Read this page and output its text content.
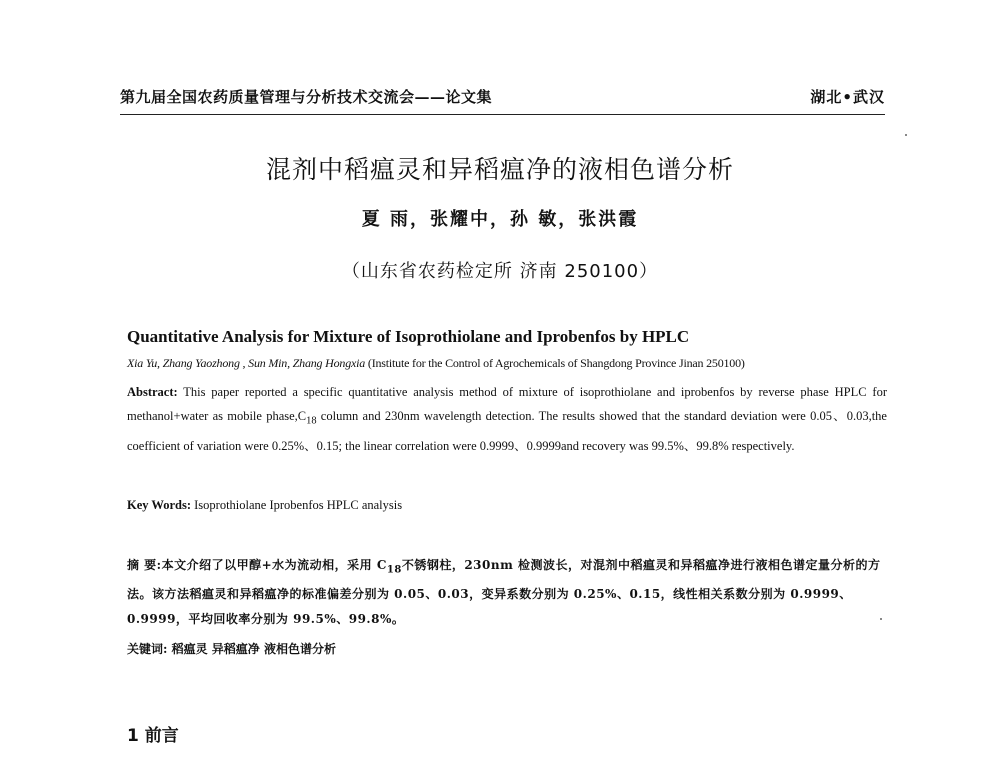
第九届全国农药质量管理与分析技术交流会——论文集	湖北•武汉
混剂中稻瘟灵和异稻瘟净的液相色谱分析
夏 雨，张耀中，孙 敏，张洪霞
（山东省农药检定所 济南 250100）
Quantitative Analysis for Mixture of Isoprothiolane and Iprobenfos by HPLC
Xia Yu, Zhang Yaozhong , Sun Min, Zhang Hongxia (Institute for the Control of Agrochemicals of Shangdong Province Jinan 250100)
Abstract: This paper reported a specific quantitative analysis method of mixture of isoprothiolane and iprobenfos by reverse phase HPLC for methanol+water as mobile $phase,C_{18}$ column and 230nm wavelength detection. The results showed that the standard deviation were 0.05、0.03,the coefficient of variation were 0.25%、0.15; the linear correlation were 0.9999、0.9999and recovery was 99.5%、99.8% respectively.
Key Words: Isoprothiolane Iprobenfos HPLC analysis
摘 要:本文介绍了以甲醇+水为流动相，采用 $C_{18}$不锈钢柱，230nm 检测波长，对混剂中稻瘟灵和异稻瘟净进行液相色谱定量分析的方法。该方法稻瘟灵和异稻瘟净的标准偏差分别为 0.05、0.03，变异系数分别为 0.25%、0.15，线性相关系数分别为 0.9999、0.9999，平均回收率分别为 99.5%、99.8%。
关键词: 稻瘟灵 异稻瘟净 液相色谱分析
1 前言
